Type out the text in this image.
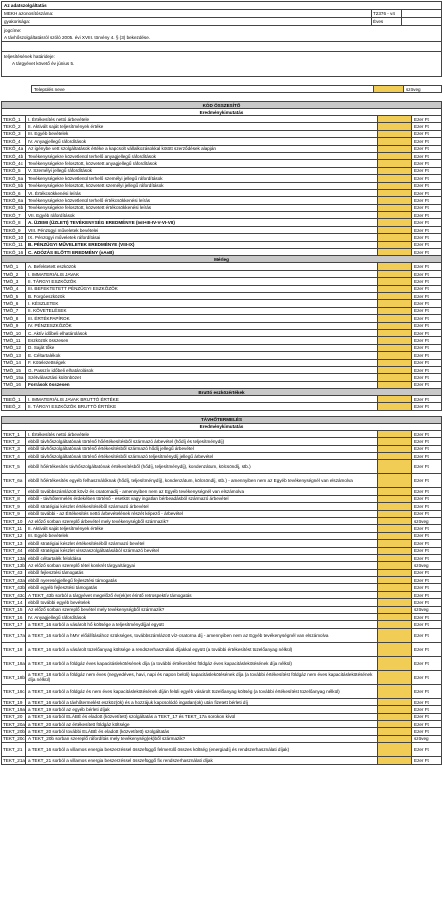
Az adatszolgáltatás
MEKH azonosítószáma:	T2376 - v4
gyakorisága:	Éves
jogcíme:
A távhőszolgáltatásról szóló 2005. évi XVIII. törvény 4. § (3) bekezdése.
teljesítésének határideje:
A tárgyévet követő év június 5.
Település neve	szöveg
KÓD ÖSSZESÍTŐ
Eredménykimutatás
TEKÖ_1	I. Értékesítés nettó árbevétele	Ezer Ft
TEKÖ_2	II. Aktivált saját teljesítmények értéke	Ezer Ft
TEKÖ_3	III. Egyéb bevételek	Ezer Ft
TEKÖ_4	IV. Anyagjellegű ráfordítások	Ezer Ft
TEKÖ_4a	Az igénybe vett szolgáltatások értéke a kapcsolt vállalkozásokkal kötött szerződések alapján	Ezer Ft
TEKÖ_4b	Tevékenységekre közvetlenül terhelő anyagjellegű ráfordítások	Ezer Ft
TEKÖ_4c	Tevékenységekre felosztott, közvetett anyagjellegű ráfordítások	Ezer Ft
TEKÖ_5	V. Személyi jellegű ráfordítások	Ezer Ft
TEKÖ_5a	Tevékenységekre közvetlenül terhelő személyi jellegű ráfordítások	Ezer Ft
TEKÖ_5b	Tevékenységekre felosztott, közvetett személyi jellegű ráfordítások	Ezer Ft
TEKÖ_6	VI. Értékcsökkenési leírás	Ezer Ft
TEKÖ_6a	Tevékenységekre közvetlenül terhelő értékcsökkenési leírás	Ezer Ft
TEKÖ_6b	Tevékenységekre felosztott, közvetett értékcsökkenési leírás	Ezer Ft
TEKÖ_7	VII. Egyéb ráfordítások	Ezer Ft
TEKÖ_8	A. ÜZEMI (ÜZLETI) TEVÉKENYSÉG EREDMÉNYE (I±II+III-IV-V-VI-VII)	Ezer Ft
TEKÖ_9	VIII. Pénzügyi műveletek bevételei	Ezer Ft
TEKÖ_10	IX. Pénzügyi műveletek ráfordításai	Ezer Ft
TEKÖ_11	B. PÉNZÜGYI MŰVELETEK EREDMÉNYE (VIII-IX)	Ezer Ft
TEKÖ_16	C. ADÓZÁS ELŐTTI EREDMÉNY (±A±B)	Ezer Ft
Mérleg
TMÖ_1	A. Befektetett eszközök	Ezer Ft
TMÖ_2	I. IMMATERIÁLIS JAVAK	Ezer Ft
TMÖ_3	II. TÁRGYI ESZKÖZÖK	Ezer Ft
TMÖ_4	III. BEFEKTETETT PÉNZÜGYI ESZKÖZÖK	Ezer Ft
TMÖ_5	B. Forgóeszközök	Ezer Ft
TMÖ_6	I. KÉSZLETEK	Ezer Ft
TMÖ_7	II. KÖVETELÉSEK	Ezer Ft
TMÖ_8	III. ÉRTÉKPAPÍROK	Ezer Ft
TMÖ_9	IV. PÉNZESZKÖZÖK	Ezer Ft
TMÖ_10	C. Aktív időbeli elhatárolások	Ezer Ft
TMÖ_11	Eszközök összesen	Ezer Ft
TMÖ_12	D. Saját tőke	Ezer Ft
TMÖ_13	E. Céltartalékok	Ezer Ft
TMÖ_14	F. Kötelezettségek	Ezer Ft
TMÖ_15	G. Passzív időbeli elhatárolások	Ezer Ft
TMÖ_15a Szétválasztási különbözet	Ezer Ft
TMÖ_16	Források összesen	Ezer Ft
Bruttó eszközértékek
TBEÖ_1	I. IMMATERIÁLIS JAVAK BRUTTÓ ÉRTÉKE	Ezer Ft
TBEÖ_2	II. TÁRGYI ESZKÖZÖK BRUTTÓ ÉRTÉKE	Ezer Ft
TÁVHŐTERMELÉS
Eredménykimutatás
TEKT_1	I. Értékesítés nettó árbevétele	Ezer Ft
TEKT_2	ebből távhőszolgáltatónak történő hőértékesítésből származó árbevétel (hődíj és teljesítménydíj)	Ezer Ft
TEKT_3	ebből távhőszolgáltatónak történő értékesítésből származó hődíj jellegű árbevétel	Ezer Ft
TEKT_4	ebből távhőszolgáltatónak történő értékesítésből származó teljesítménydíj jellegű árbevétel	Ezer Ft
TEKT_5	ebből hőértékesítés távhőszolgáltatónak értékesítésből (hődíj, teljesítménydíj), kondenzátum, kölcsöndíj, stb.)	Ezer Ft
TEKT_6a	ebből hőértékesítés egyéb felhasználóknak (hődíj, teljesítménydíj), kondenzátum, kölcsöndíj, stb.) - amennyiben nem az Egyéb tevékenységnél van elszámolva	Ezer Ft
TEKT_7	ebből továbbszámlázott kövíz és csatornadíj - amennyiben nem az Egyéb tevékenységnél van elszámolva	Ezer Ft
TEKT_8	ebből - távhőtermelés érdekében történő - esetköt vagy ingatlan bérbeadásból származó árbevétel	Ezer Ft
TEKT_9	ebből stratégiai készlet értékesítéséből származó árbevétel	Ezer Ft
TEKT_9	ebből további - az Értékesítés nettó árbevételének részét képező - árbevétel	Ezer Ft
TEKT_10	Az előző sorban szereplő árbevétel mely tevékenységből származik?	szöveg
TEKT_11	II. Aktivált saját teljesítmények értéke	Ezer Ft
TEKT_12	III. Egyéb bevételek	Ezer Ft
TEKT_13	ebből stratégiai készlet értékesítéséből származó bevétel	Ezer Ft
TEKT_44	ebből stratégiai készlet visszaszolgáltatásából származó bevétel	Ezer Ft
TEKT_13a ebből céltartalék feloldása	Ezer Ft
TEKT_13b Az előző sorban szereplő tétel konkrét tárgya/tárgyai	szöveg
TEKT_43	ebből fejlesztési támogatás	Ezer Ft
TEKT_43a ebből nyereségjellegű fejlesztési támogatás	Ezer Ft
TEKT_43b ebből egyéb fejlesztési támogatás	Ezer Ft
TEKT_43c A TEKT_43b sorból a tárgyévet megelőző év(ek)et érintő retrospektív támogatás	Ezer Ft
TEKT_14	ebből további egyéb bevételek	Ezer Ft
TEKT_15	Az előző sorban szereplő bevétel mely tevékenységből származik?	szöveg
TEKT_16	IV. Anyagjellegű ráfordítások	Ezer Ft
TEKT_17	a TEKT_16 sorból a vásárolt hő költsége a teljesítménydíjjal együtt	Ezer Ft
TEKT_17a a TEKT_16 sorból a hMV előállításához szükséges, továbbszámlázott víz-csatorna díj - amennyiben nem az Egyéb tevékenységnél van elszámolva	Ezer Ft
TEKT_18	a TEKT_16 sorból a vásárolt tüzelőanyag költsége a rendszerhasználati díjakkal együtt (a további értékesítést tüzelőanyag nélkül)	Ezer Ft
TEKT_18a a TEKT_18 sorból a földgáz éves kapacitáslekötésének díja (a további értékesítést földgáz éves kapacitáslekötésének díja nélkül)	Ezer Ft
TEKT_18b a TEKT_18 sorból a földgáz nem éves (negyedéves, havi, napi és napon belüli) kapacitáslekötésének díja (a további értékesítést földgáz nem éves kapacitáslekötésének díja nélkül)	Ezer Ft
TEKT_18c a TEKT_18 sorból a földgáz és nem éves kapacitáslekötésének díján felüli egyéb vásárolt tüzelőanyag költség (a további értékesítést tüzelőanyag nélkül)	Ezer Ft
TEKT_19	a TEKT_16 sorból a távhőtermelést eszköz(ök) és a hozzájuk kapcsolódó ingatlan(ok) után fizetett bérleti díj	Ezer Ft
TEKT_19a a TEKT_19 sorból az egyéb bérleti díjak	Ezer Ft
TEKT_20	a TEKT_16 sorból ELÁBÉ és eladott (közvetített) szolgáltatás a TEKT_17 és TEKT_17a sorokon kívül	Ezer Ft
TEKT_20a a TEKT_20 sorból az értékesített földgáz költsége	Ezer Ft
TEKT_20b a TEKT_20 sorból további ELÁBÉ és eladott (közvetített) szolgáltatás	Ezer Ft
TEKT_20c A TEKT_20b sorban szereplő ráfordítás mely tevékenység(ek)ből származik?	szöveg
TEKT_21	a TEKT_16 sorból a villamos energia beszerzéssel összefüggő felmerülő összes költség (energiadíj és rendszerhasználati díjak)	Ezer Ft
TEKT_21a a TEKT_21 sorból a villamos energia beszerzéssel összefüggő fix rendszerhasználati díjak	Ezer Ft
